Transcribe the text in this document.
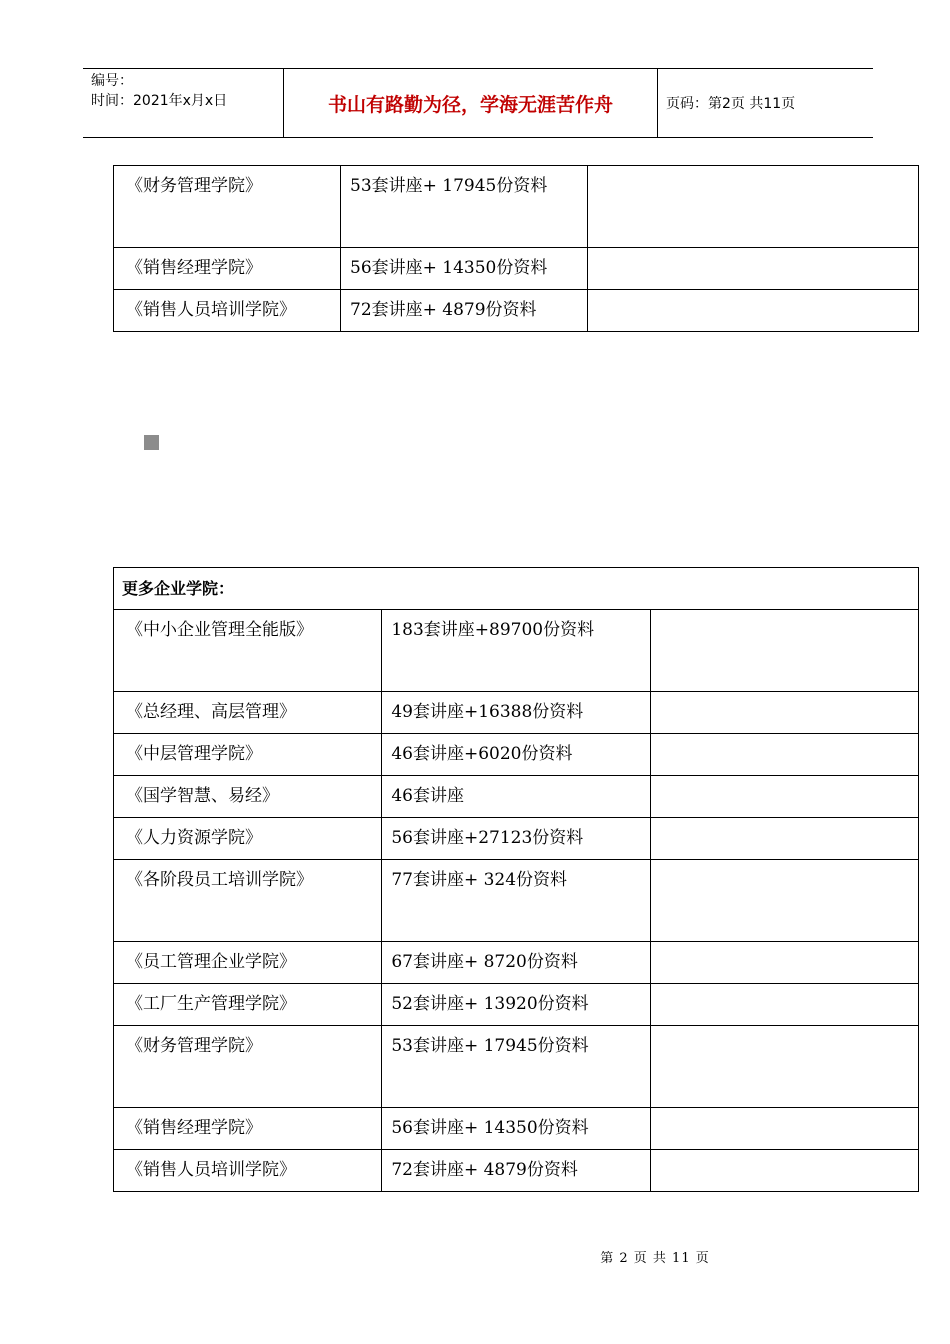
编号：
时间：2021年x月x日	书山有路勤为径，学海无涯苦作舟	页码：第2页 共11页
《财务管理学院》	53套讲座+ 17945份资料	
《销售经理学院》	56套讲座+ 14350份资料	
《销售人员培训学院》	72套讲座+ 4879份资料	
更多企业学院：		
《中小企业管理全能版》	183套讲座+89700份资料	
《总经理、高层管理》	49套讲座+16388份资料	
《中层管理学院》	46套讲座+6020份资料	
《国学智慧、易经》	46套讲座	
《人力资源学院》	56套讲座+27123份资料	
《各阶段员工培训学院》	77套讲座+ 324份资料	
《员工管理企业学院》	67套讲座+ 8720份资料	
《工厂生产管理学院》	52套讲座+ 13920份资料	
《财务管理学院》	53套讲座+ 17945份资料	
《销售经理学院》	56套讲座+ 14350份资料	
《销售人员培训学院》	72套讲座+ 4879份资料	
第 2 页 共 11 页
